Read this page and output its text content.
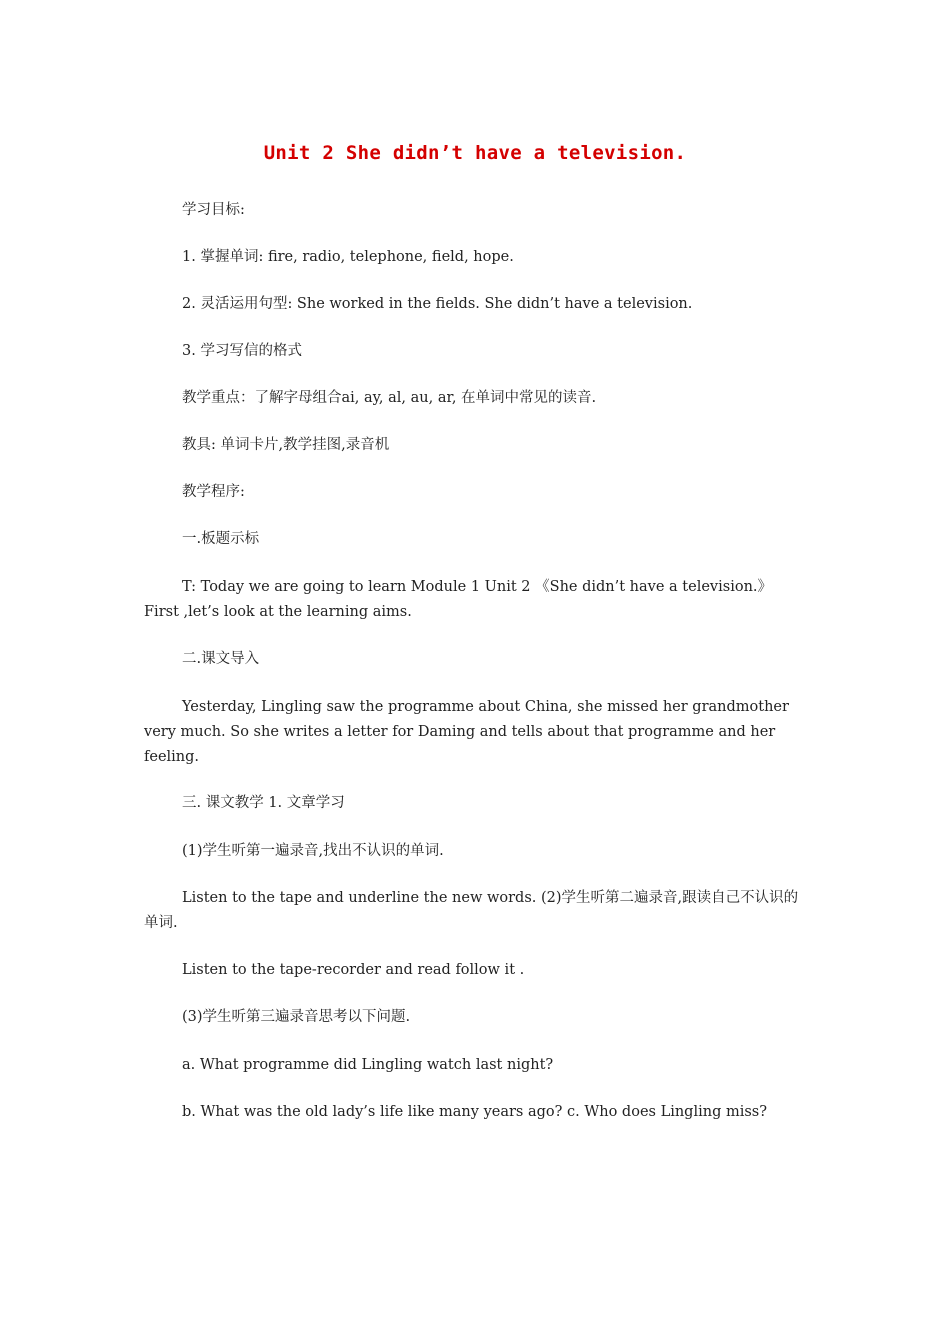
Unit 2 She didn’t have a television.

学习目标:

1. 掌握单词: fire, radio, telephone, field, hope.

2. 灵活运用句型: She worked in the fields. She didn’t have a television.

3. 学习写信的格式

教学重点：了解字母组合ai, ay, al, au, ar, 在单词中常见的读音.

教具: 单词卡片,教学挂图,录音机

教学程序:

一.板题示标

T: Today we are going to learn Module 1 Unit 2 《She didn’t have a television.》First ,let’s look at the learning aims.

二.课文导入

Yesterday, Lingling saw the programme about China, she missed her grandmother very much. So she writes a letter for Daming and tells about that programme and her feeling.

三. 课文教学 1. 文章学习

(1)学生听第一遍录音,找出不认识的单词.

Listen to the tape and underline the new words. (2)学生听第二遍录音,跟读自己不认识的单词.

Listen to the tape-recorder and read follow it .

(3)学生听第三遍录音思考以下问题.

a. What programme did Lingling watch last night?

b. What was the old lady’s life like many years ago? c. Who does Lingling miss?
